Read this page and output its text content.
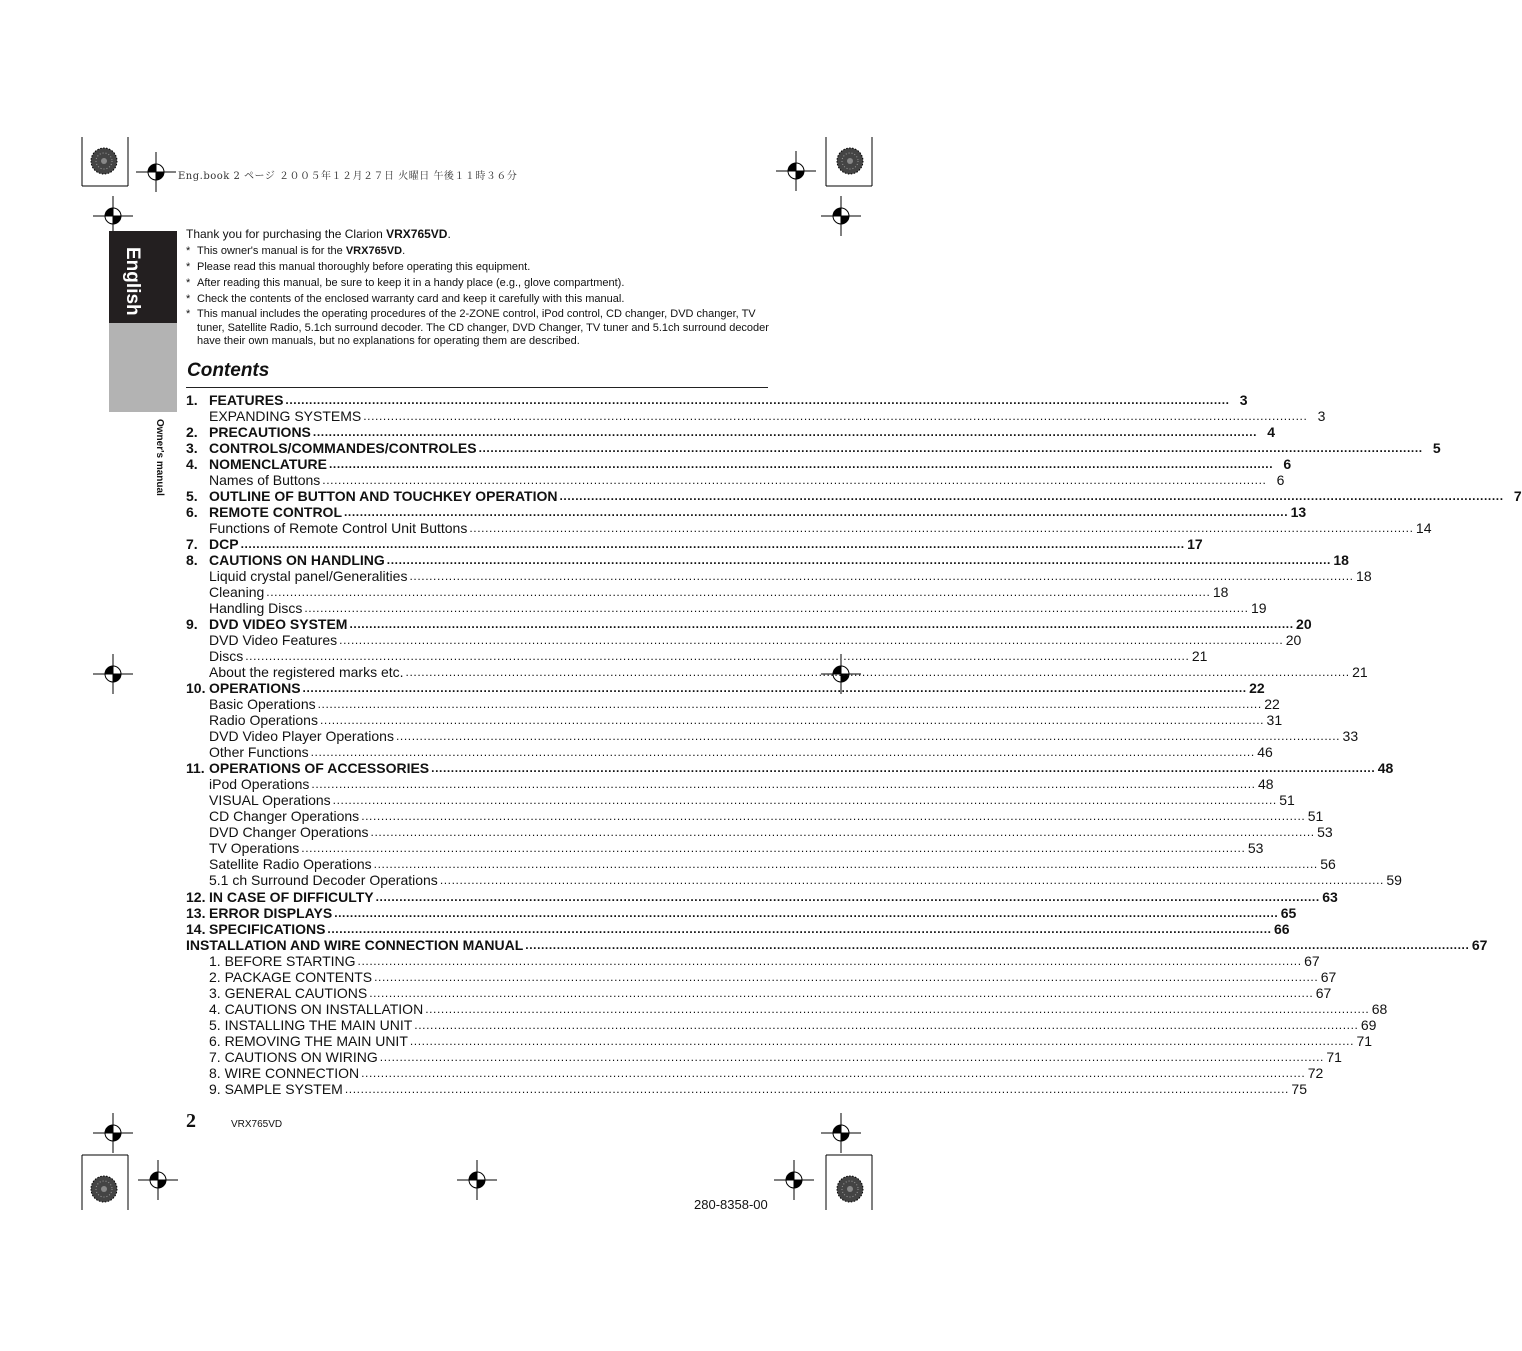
Eng.book 2 ページ ２００５年１２月２７日 火曜日 午後１１時３６分
English
Owner's manual
Thank you for purchasing the Clarion VRX765VD.
* This owner's manual is for the VRX765VD.
* Please read this manual thoroughly before operating this equipment.
* After reading this manual, be sure to keep it in a handy place (e.g., glove compartment).
* Check the contents of the enclosed warranty card and keep it carefully with this manual.
* This manual includes the operating procedures of the 2-ZONE control, iPod control, CD changer, DVD changer, TV tuner, Satellite Radio, 5.1ch surround decoder. The CD changer, DVD Changer, TV tuner and 5.1ch surround decoder have their own manuals, but no explanations for operating them are described.
Contents
1. FEATURES .....	3
EXPANDING SYSTEMS .....	3
2. PRECAUTIONS .....	4
3. CONTROLS/COMMANDES/CONTROLES .....	5
4. NOMENCLATURE .....	6
Names of Buttons .....	6
5. OUTLINE OF BUTTON AND TOUCHKEY OPERATION .....	7
6. REMOTE CONTROL .....	13
Functions of Remote Control Unit Buttons .....	14
7. DCP .....	17
8. CAUTIONS ON HANDLING .....	18
Liquid crystal panel/Generalities .....	18
Cleaning .....	18
Handling Discs .....	19
9. DVD VIDEO SYSTEM .....	20
DVD Video Features .....	20
Discs .....	21
About the registered marks etc. .....	21
10. OPERATIONS .....	22
Basic Operations .....	22
Radio Operations .....	31
DVD Video Player Operations .....	33
Other Functions .....	46
11. OPERATIONS OF ACCESSORIES .....	48
iPod Operations .....	48
VISUAL Operations .....	51
CD Changer Operations .....	51
DVD Changer Operations .....	53
TV Operations .....	53
Satellite Radio Operations .....	56
5.1 ch Surround Decoder Operations .....	59
12. IN CASE OF DIFFICULTY .....	63
13. ERROR DISPLAYS .....	65
14. SPECIFICATIONS .....	66
INSTALLATION AND WIRE CONNECTION MANUAL .....	67
1. BEFORE STARTING .....	67
2. PACKAGE CONTENTS .....	67
3. GENERAL CAUTIONS .....	67
4. CAUTIONS ON INSTALLATION .....	68
5. INSTALLING THE MAIN UNIT .....	69
6. REMOVING THE MAIN UNIT .....	71
7. CAUTIONS ON WIRING .....	71
8. WIRE CONNECTION .....	72
9. SAMPLE SYSTEM .....	75
2	VRX765VD
280-8358-00
